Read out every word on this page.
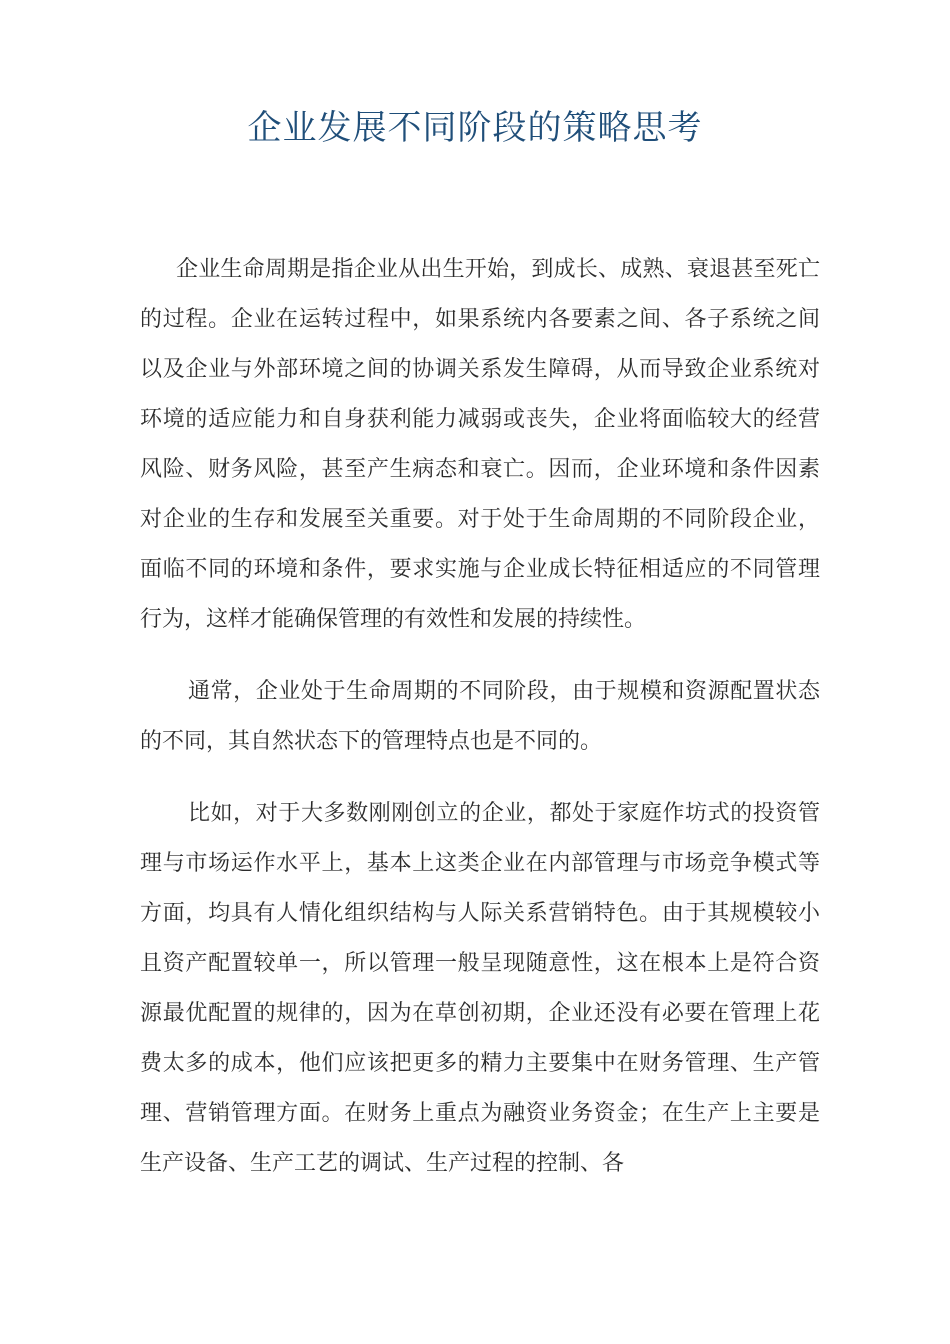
企业发展不同阶段的策略思考

企业生命周期是指企业从出生开始，到成长、成熟、衰退甚至死亡的过程。企业在运转过程中，如果系统内各要素之间、各子系统之间以及企业与外部环境之间的协调关系发生障碍，从而导致企业系统对环境的适应能力和自身获利能力减弱或丧失，企业将面临较大的经营风险、财务风险，甚至产生病态和衰亡。因而，企业环境和条件因素对企业的生存和发展至关重要。对于处于生命周期的不同阶段企业，面临不同的环境和条件，要求实施与企业成长特征相适应的不同管理行为，这样才能确保管理的有效性和发展的持续性。

通常，企业处于生命周期的不同阶段，由于规模和资源配置状态的不同，其自然状态下的管理特点也是不同的。

比如，对于大多数刚刚创立的企业，都处于家庭作坊式的投资管理与市场运作水平上，基本上这类企业在内部管理与市场竞争模式等方面，均具有人情化组织结构与人际关系营销特色。由于其规模较小且资产配置较单一，所以管理一般呈现随意性，这在根本上是符合资源最优配置的规律的，因为在草创初期，企业还没有必要在管理上花费太多的成本，他们应该把更多的精力主要集中在财务管理、生产管理、营销管理方面。在财务上重点为融资业务资金；在生产上主要是生产设备、生产工艺的调试、生产过程的控制、各
